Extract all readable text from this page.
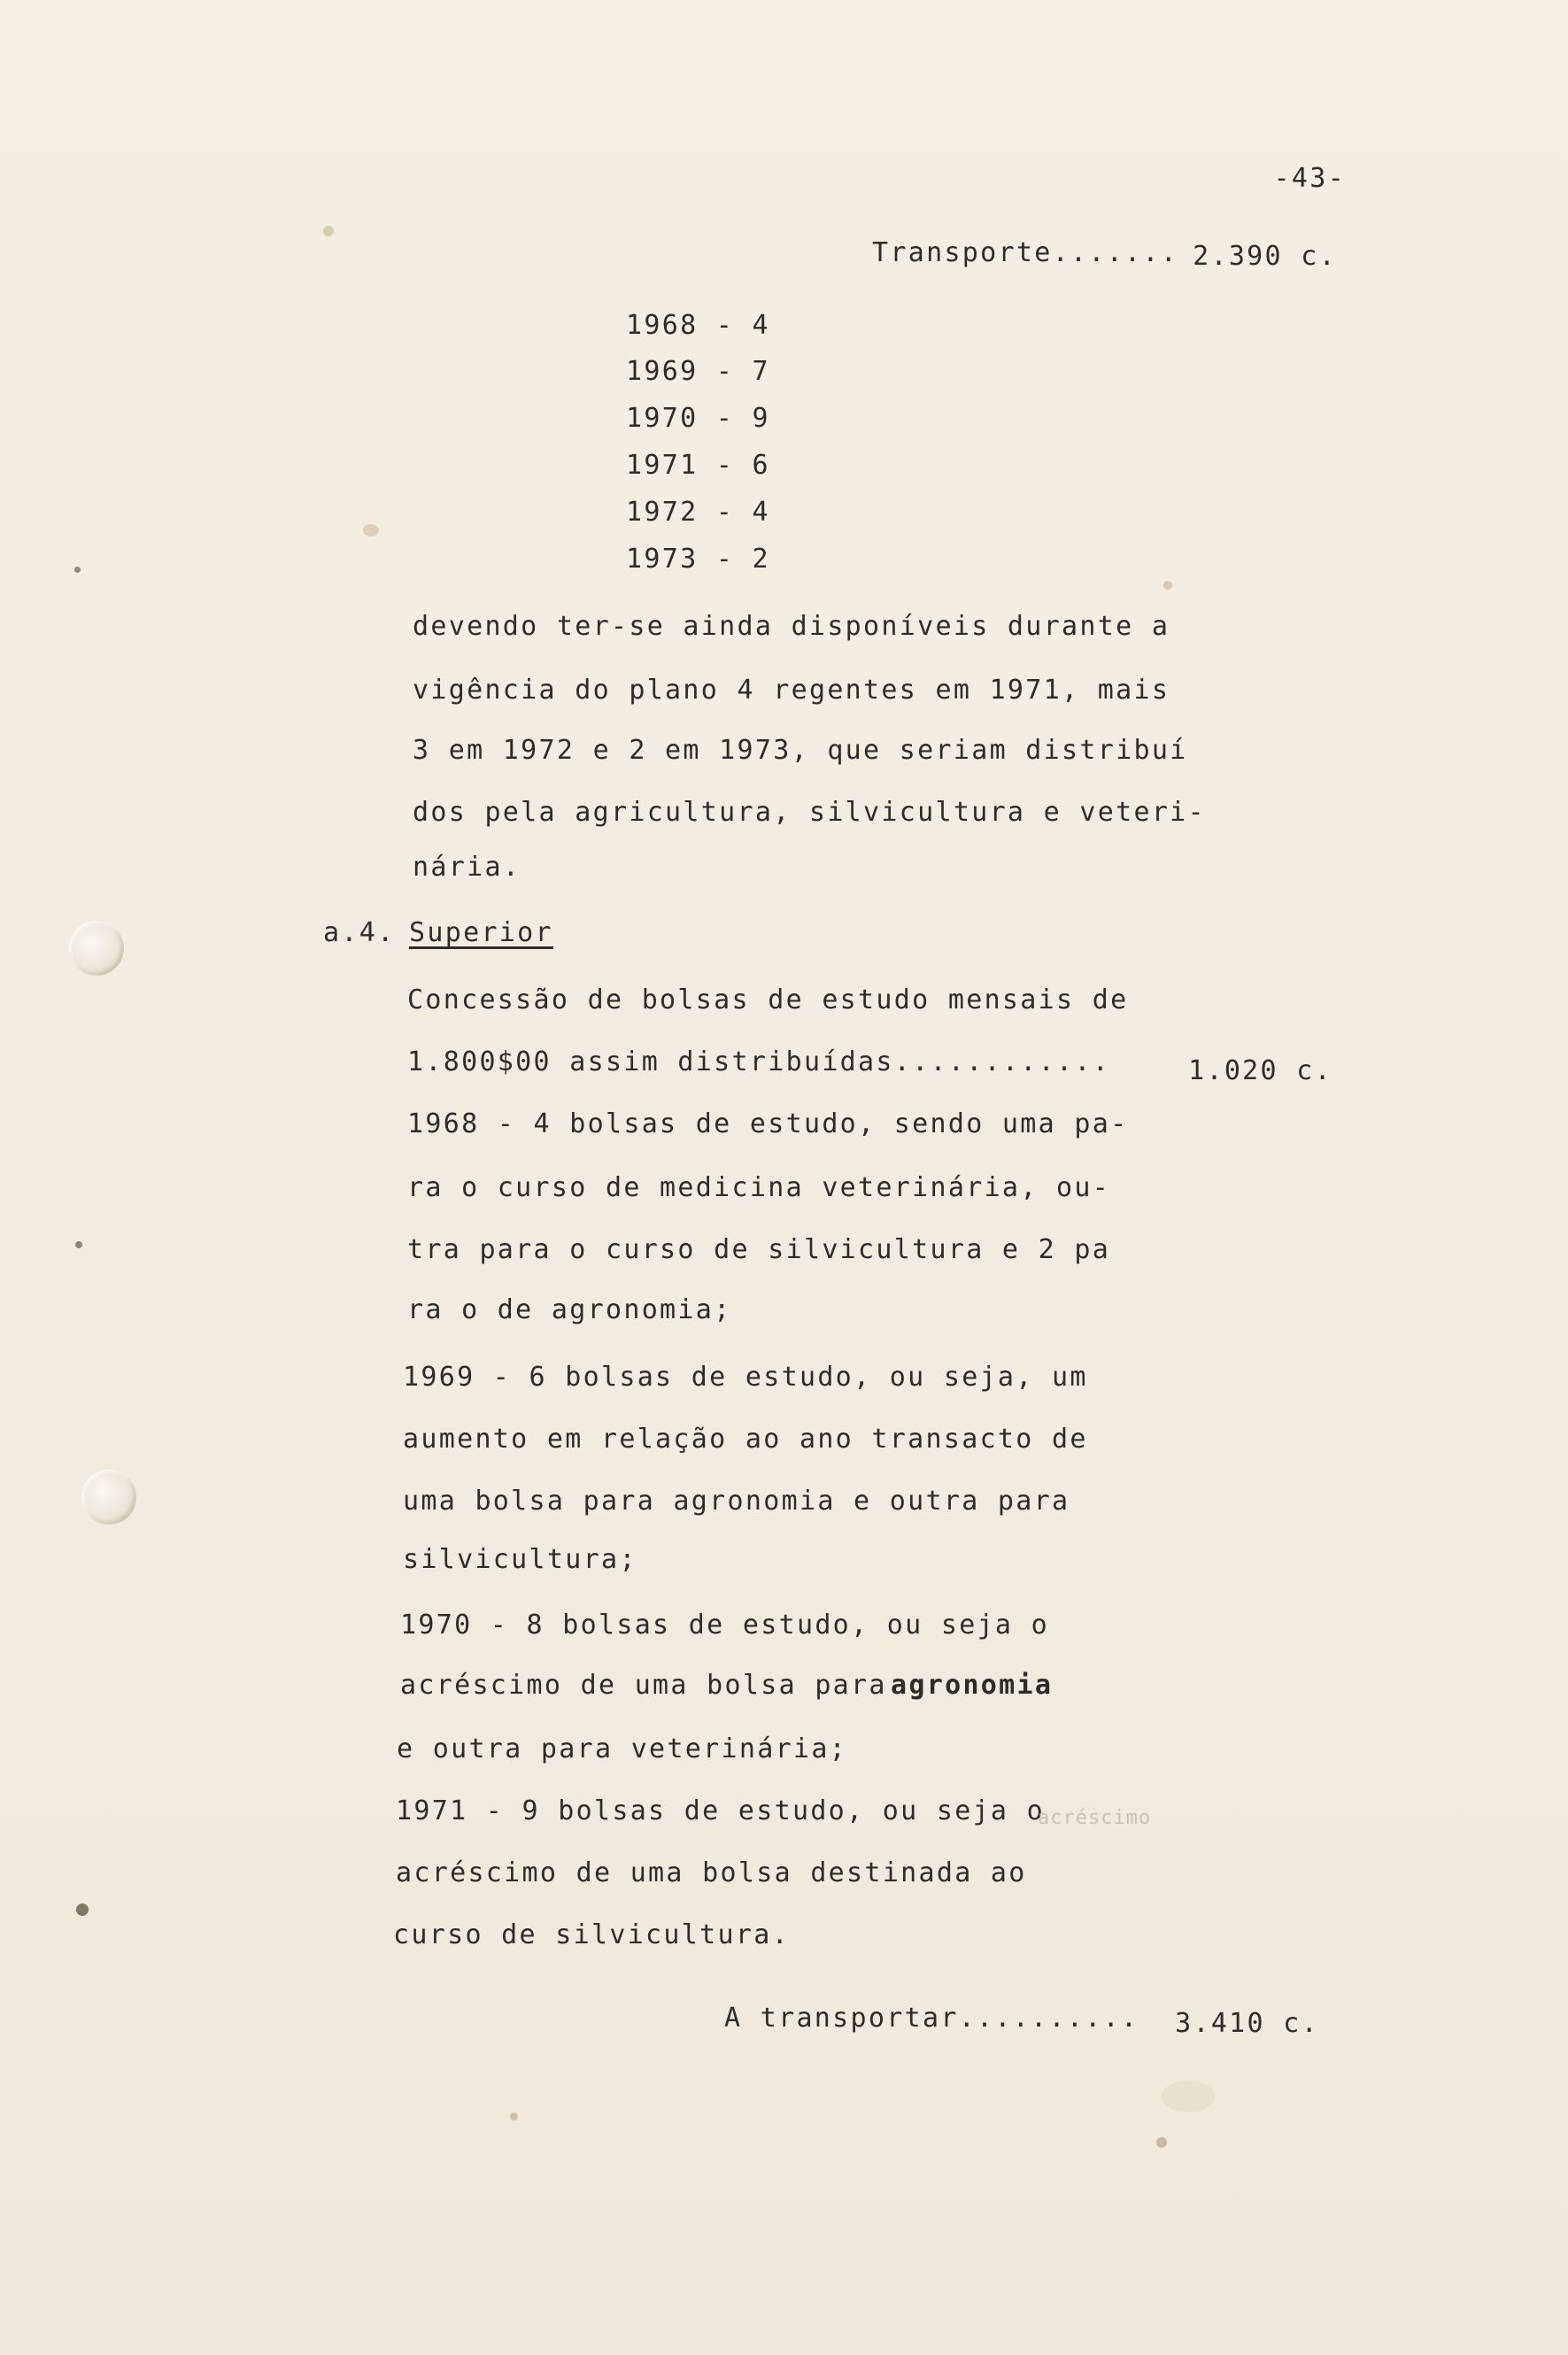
-43-
Transporte....... 2.390 c.
1968 - 4
1969 - 7
1970 - 9
1971 - 6
1972 - 4
1973 - 2
devendo ter-se ainda disponíveis durante a
vigência do plano 4 regentes em 1971, mais
3 em 1972 e 2 em 1973, que seriam distribuí
dos pela agricultura, silvicultura e veteri-
nária.
a.4. Superior
Concessão de bolsas de estudo mensais de
1.800$00 assim distribuídas............	1.020 c.
1968 - 4 bolsas de estudo, sendo uma pa-
ra o curso de medicina veterinária, ou-
tra para o curso de silvicultura e 2 pa
ra o de agronomia;
1969 - 6 bolsas de estudo, ou seja, um
aumento em relação ao ano transacto de
uma bolsa para agronomia e outra para
silvicultura;
1970 - 8 bolsas de estudo, ou seja o
acréscimo de uma bolsa para agronomia
e outra para veterinária;
1971 - 9 bolsas de estudo, ou seja o
acréscimo
acréscimo de uma bolsa destinada ao
curso de silvicultura.
A transportar..........	3.410 c.
